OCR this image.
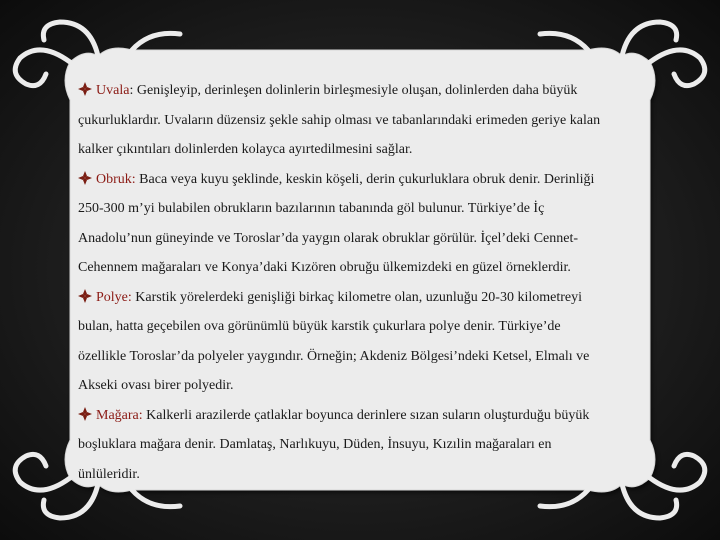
Uvala: Genişleyip, derinleşen dolinlerin birleşmesiyle oluşan, dolinlerden daha büyük çukurluklardır. Uvaların düzensiz şekle sahip olması ve tabanlarındaki erimeden geriye kalan kalker çıkıntıları dolinlerden kolayca ayırtedilmesini sağlar.

Obruk: Baca veya kuyu şeklinde, keskin köşeli, derin çukurluklara obruk denir. Derinliği 250-300 m’yi bulabilen obrukların bazılarının tabanında göl bulunur. Türkiye’de İç Anadolu’nun güneyinde ve Toroslar’da yaygın olarak obruklar görülür. İçel’deki Cennet-Cehennem mağaraları ve Konya’daki Kızören obruğu ülkemizdeki en güzel örneklerdir.

Polye: Karstik yörelerdeki genişliği birkaç kilometre olan, uzunluğu 20-30 kilometreyi bulan, hatta geçebilen ova görünümlü büyük karstik çukurlara polye denir. Türkiye’de özellikle Toroslar’da polyeler yaygındır. Örneğin; Akdeniz Bölgesi’ndeki Ketsel, Elmalı ve Akseki ovası birer polyedir.

Mağara: Kalkerli arazilerde çatlaklar boyunca derinlere sızan suların oluşturduğu büyük boşluklara mağara denir. Damlataş, Narlıkuyu, Düden, İnsuyu, Kızılin mağaraları en ünlüleridir.
